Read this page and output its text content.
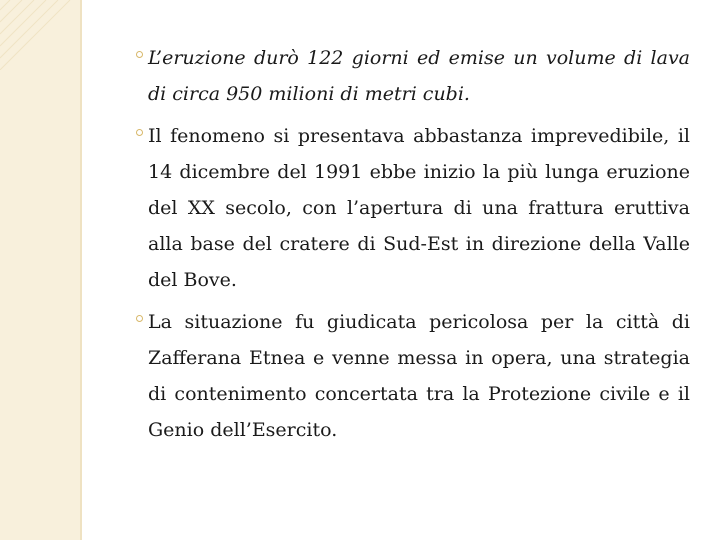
L’eruzione durò 122 giorni ed emise un volume di lava di circa 950 milioni di metri cubi.

Il fenomeno si presentava abbastanza imprevedibile, il 14 dicembre del 1991 ebbe inizio la più lunga eruzione del XX secolo, con l’apertura di una frattura eruttiva alla base del cratere di Sud-Est in direzione della Valle del Bove.

La situazione fu giudicata pericolosa per la città di Zafferana Etnea e venne messa in opera, una strategia di contenimento concertata tra la Protezione civile e il Genio dell’Esercito.
